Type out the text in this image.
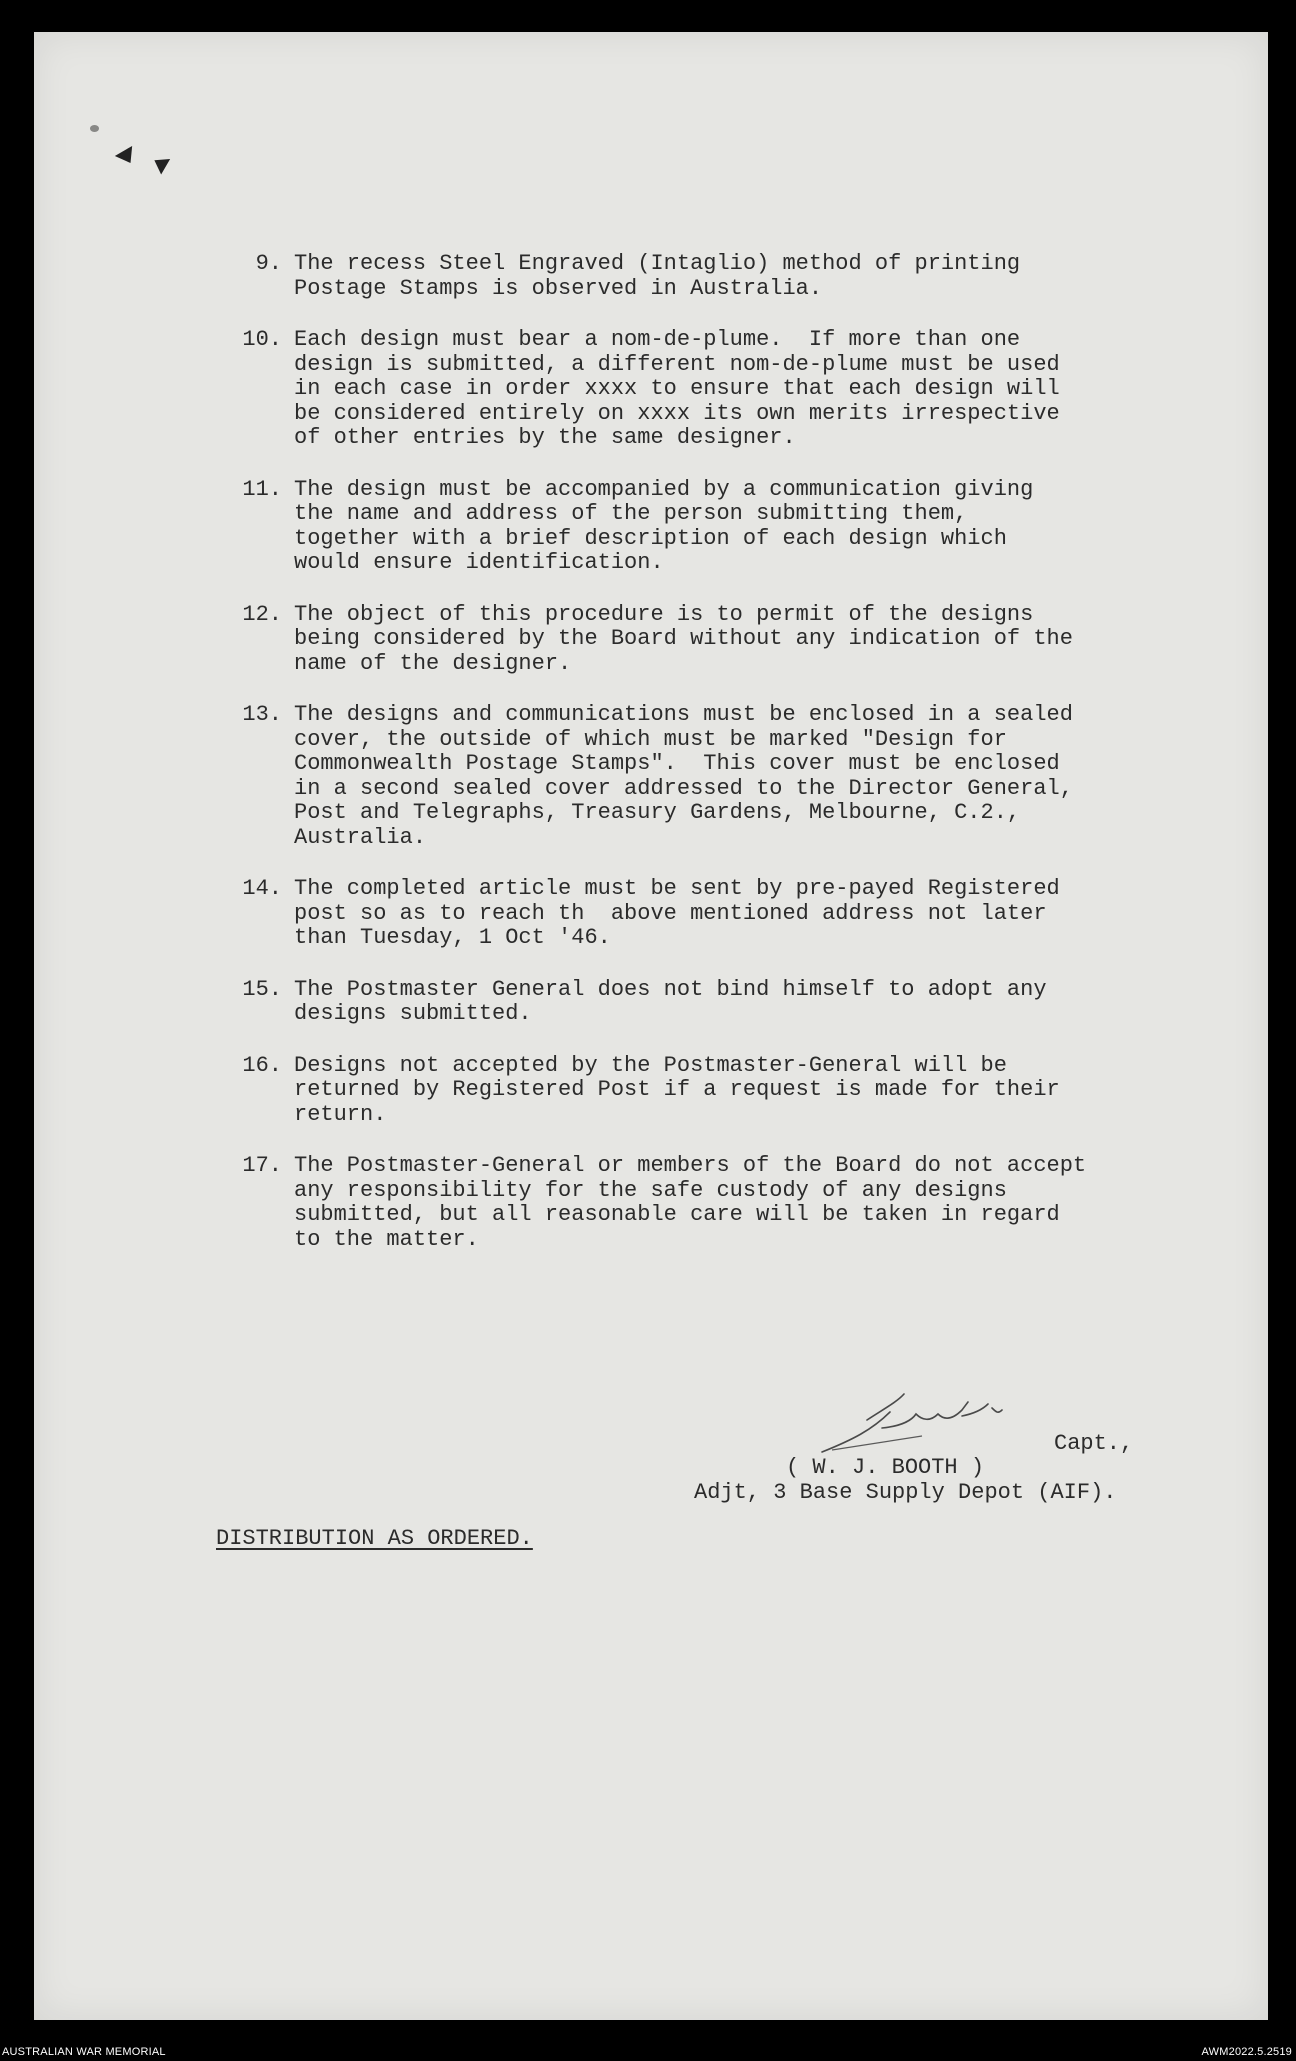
9. The recess Steel Engraved (Intaglio) method of printing
Postage Stamps is observed in Australia.
10. Each design must bear a nom-de-plume.  If more than one
design is submitted, a different nom-de-plume must be used
in each case in order xxxx to ensure that each design will
be considered entirely on xxxx its own merits irrespective
of other entries by the same designer.
11. The design must be accompanied by a communication giving
the name and address of the person submitting them,
together with a brief description of each design which
would ensure identification.
12. The object of this procedure is to permit of the designs
being considered by the Board without any indication of the
name of the designer.
13. The designs and communications must be enclosed in a sealed
cover, the outside of which must be marked "Design for
Commonwealth Postage Stamps".  This cover must be enclosed
in a second sealed cover addressed to the Director General,
Post and Telegraphs, Treasury Gardens, Melbourne, C.2.,
Australia.
14. The completed article must be sent by pre-payed Registered
post so as to reach th  above mentioned address not later
than Tuesday, 1 Oct '46.
15. The Postmaster General does not bind himself to adopt any
designs submitted.
16. Designs not accepted by the Postmaster-General will be
returned by Registered Post if a request is made for their
return.
17. The Postmaster-General or members of the Board do not accept
any responsibility for the safe custody of any designs
submitted, but all reasonable care will be taken in regard
to the matter.
Capt.,
( W. J. BOOTH )
Adjt, 3 Base Supply Depot (AIF).
DISTRIBUTION AS ORDERED.
AUSTRALIAN WAR MEMORIAL	AWM2022.5.2519
